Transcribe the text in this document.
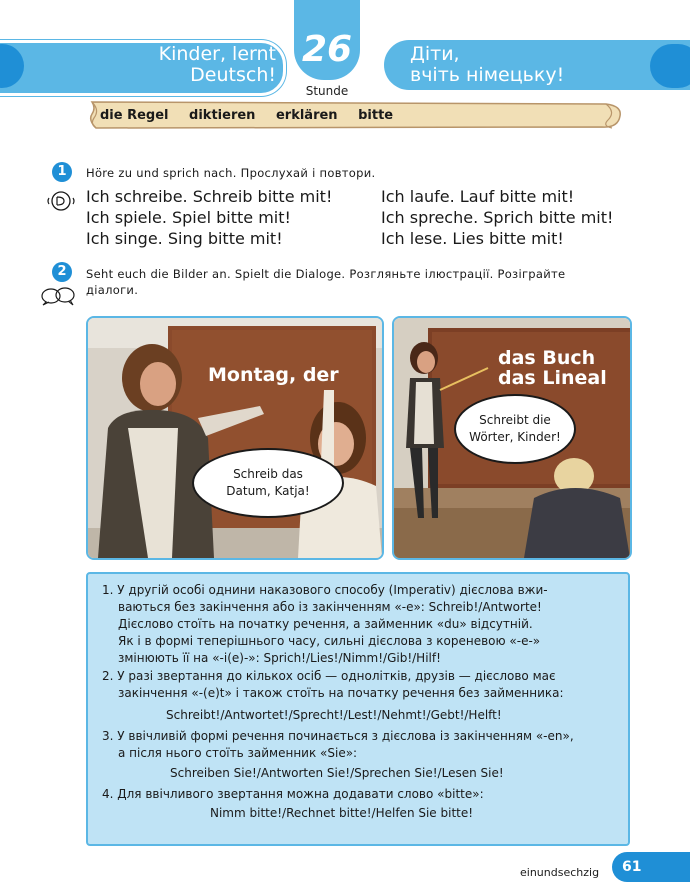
Kinder, lernt
Deutsch!
Діти,
вчіть німецьку!
26
Stunde
die Regel diktieren erklären bitte
1	Höre zu und sprich nach. Прослухай і повтори.
Ich schreibe. Schreib bitte mit!
Ich spiele. Spiel bitte mit!
Ich singe. Sing bitte mit!
Ich laufe. Lauf bitte mit!
Ich spreche. Sprich bitte mit!
Ich lese. Lies bitte mit!
2	Seht euch die Bilder an. Spielt die Dialoge. Розгляньте ілюстрації. Розіграйте
діалоги.
Montag, der
Schreib das
Datum, Katja!
das Buch
das Lineal
Schreibt die
Wörter, Kinder!
1. У другій особі однини наказового способу (Imperativ) дієслова вжи-
ваються без закінчення або із закінченням «-e»: Schreib!/Antworte!
Дієслово стоїть на початку речення, а займенник «du» відсутній.
Як і в формі теперішнього часу, сильні дієслова з кореневою «-e-»
змінюють її на «-i(e)-»: Sprich!/Lies!/Nimm!/Gib!/Hilf!
2. У разі звертання до кількох осіб — однолітків, друзів — дієслово має
закінчення «-(e)t» і також стоїть на початку речення без займенника:
Schreibt!/Antwortet!/Sprecht!/Lest!/Nehmt!/Gebt!/Helft!
3. У ввічливій формі речення починається з дієслова із закінченням «-en»,
а після нього стоїть займенник «Sie»:
Schreiben Sie!/Antworten Sie!/Sprechen Sie!/Lesen Sie!
4. Для ввічливого звертання можна додавати слово «bitte»:
Nimm bitte!/Rechnet bitte!/Helfen Sie bitte!
einundsechzig	61
